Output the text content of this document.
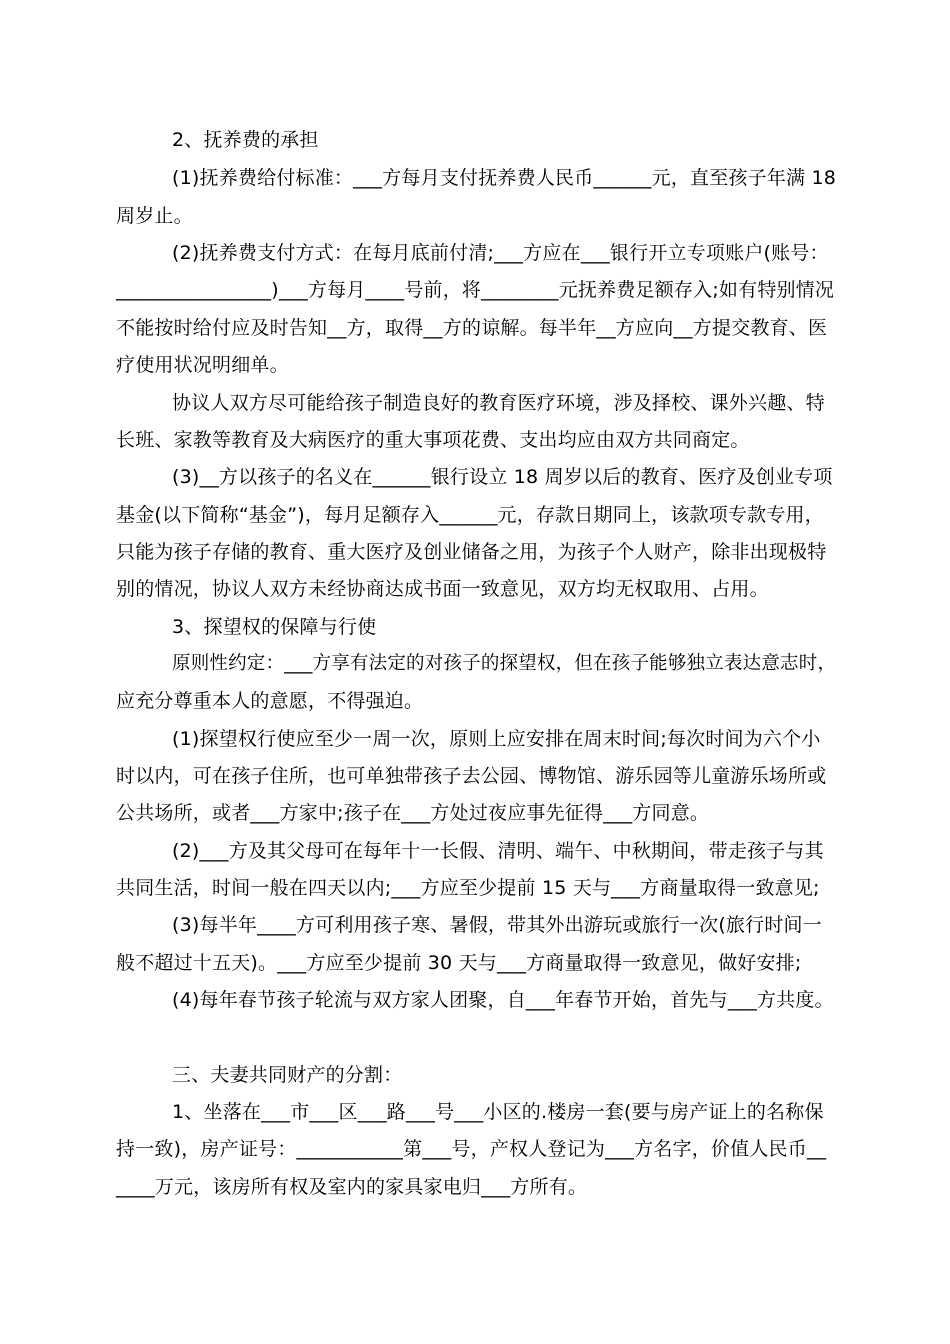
2、抚养费的承担
(1)抚养费给付标准：___方每月支付抚养费人民币______元，直至孩子年满 18
周岁止。
(2)抚养费支付方式：在每月底前付清;___方应在___银行开立专项账户(账号：
________________)___方每月____号前，将________元抚养费足额存入;如有特别情况
不能按时给付应及时告知__方，取得__方的谅解。每半年__方应向__方提交教育、医
疗使用状况明细单。
协议人双方尽可能给孩子制造良好的教育医疗环境，涉及择校、课外兴趣、特
长班、家教等教育及大病医疗的重大事项花费、支出均应由双方共同商定。
(3)__方以孩子的名义在______银行设立 18 周岁以后的教育、医疗及创业专项
基金(以下简称“基金”)，每月足额存入______元，存款日期同上，该款项专款专用，
只能为孩子存储的教育、重大医疗及创业储备之用，为孩子个人财产，除非出现极特
别的情况，协议人双方未经协商达成书面一致意见，双方均无权取用、占用。
3、探望权的保障与行使
原则性约定：___方享有法定的对孩子的探望权，但在孩子能够独立表达意志时，
应充分尊重本人的意愿，不得强迫。
(1)探望权行使应至少一周一次，原则上应安排在周末时间;每次时间为六个小
时以内，可在孩子住所，也可单独带孩子去公园、博物馆、游乐园等儿童游乐场所或
公共场所，或者___方家中;孩子在___方处过夜应事先征得___方同意。
(2)___方及其父母可在每年十一长假、清明、端午、中秋期间，带走孩子与其
共同生活，时间一般在四天以内;___方应至少提前 15 天与___方商量取得一致意见;
(3)每半年____方可利用孩子寒、暑假，带其外出游玩或旅行一次(旅行时间一
般不超过十五天)。___方应至少提前 30 天与___方商量取得一致意见，做好安排;
(4)每年春节孩子轮流与双方家人团聚，自___年春节开始，首先与___方共度。
三、夫妻共同财产的分割：
1、坐落在___市___区___路___号___小区的.楼房一套(要与房产证上的名称保
持一致)，房产证号：___________第___号，产权人登记为___方名字，价值人民币__
____万元，该房所有权及室内的家具家电归___方所有。
